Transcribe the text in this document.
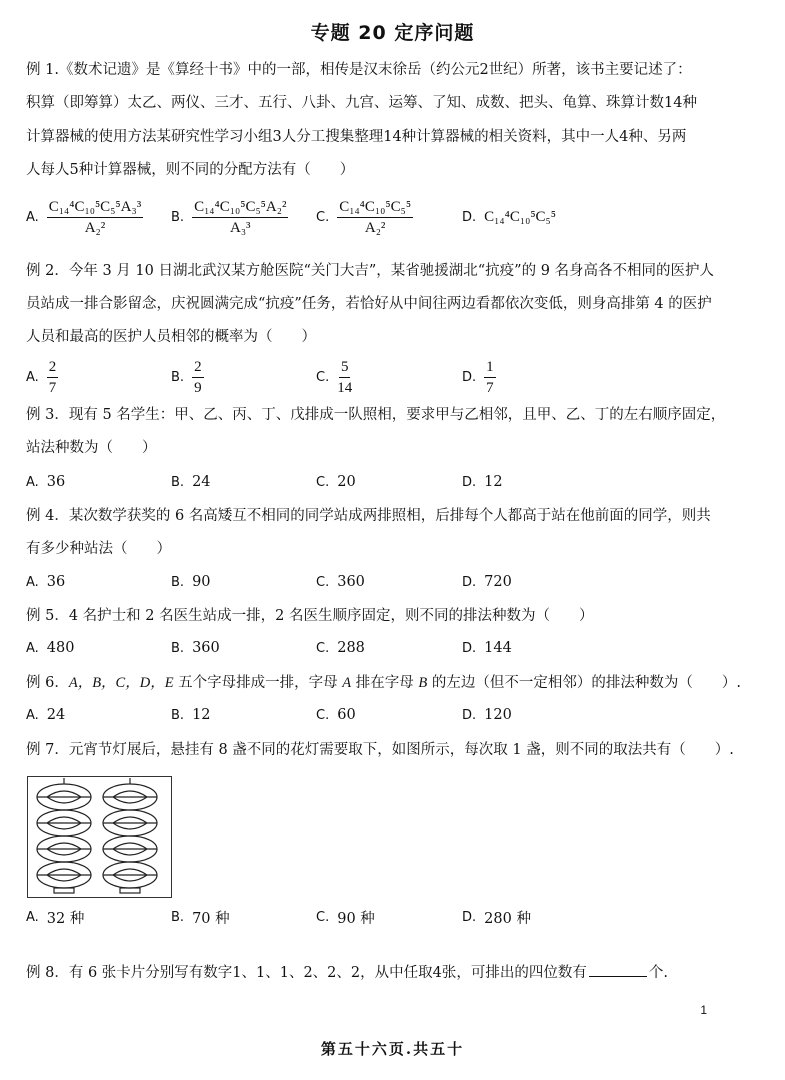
专题 20 定序问题
例 1.《数术记遗》是《算经十书》中的一部，相传是汉末徐岳（约公元2世纪）所著，该书主要记述了：
积算（即筹算）太乙、两仪、三才、五行、八卦、九宫、运筹、了知、成数、把头、龟算、珠算计数14种
计算器械的使用方法某研究性学习小组3人分工搜集整理14种计算器械的相关资料，其中一人4种、另两
人每人5种计算器械，则不同的分配方法有（　　）
A. $\frac{\text{C₁₄⁴C₁₀⁵C₅⁵A₃³}}{\text{A₂²}} B$. $\frac{\text{C₁₄⁴C₁₀⁵C₅⁵A₂²}}{\text{A₃³}} C$. $\frac{\text{C₁₄⁴C₁₀⁵C₅⁵}}{\text{A₂²}}$	D. C₁₄⁴C₁₀⁵C₅⁵
例 2．今年 3 月 10 日湖北武汉某方舱医院“关门大吉”，某省驰援湖北“抗疫”的 9 名身高各不相同的医护人
员站成一排合影留念，庆祝圆满完成“抗疫”任务，若恰好从中间往两边看都依次变低，则身高排第 4 的医护
人员和最高的医护人员相邻的概率为（　　）
A. $\frac{2}{7}$	B. $\frac{2}{9}$	C. $\frac{5}{14}$	D. $\frac{1}{7}$
例 3．现有 5 名学生：甲、乙、丙、丁、戊排成一队照相，要求甲与乙相邻，且甲、乙、丁的左右顺序固定，
站法种数为（　　）
A. 36	B. 24	C. 20	D. 12
例 4．某次数学获奖的 6 名高矮互不相同的同学站成两排照相，后排每个人都高于站在他前面的同学，则共
有多少种站法（　　）
A. 36	B. 90	C. 360	D. 720
例 5．4 名护士和 2 名医生站成一排，2 名医生顺序固定，则不同的排法种数为（　　）
A. 480	B. 360	C. 288	D. 144
例 6．A，B，C，D，E 五个字母排成一排，字母 A 排在字母 B 的左边（但不一定相邻）的排法种数为（　　）.
A. 24	B. 12	C. 60	D. 120
例 7．元宵节灯展后，悬挂有 8 盏不同的花灯需要取下，如图所示，每次取 1 盏，则不同的取法共有（　　）.
A. 32 种	B. 70 种	C. 90 种	D. 280 种
例 8．有 6 张卡片分别写有数字1、1、1、2、2、2，从中任取4张，可排出的四位数有	个.
1
第五十六页.共五十
